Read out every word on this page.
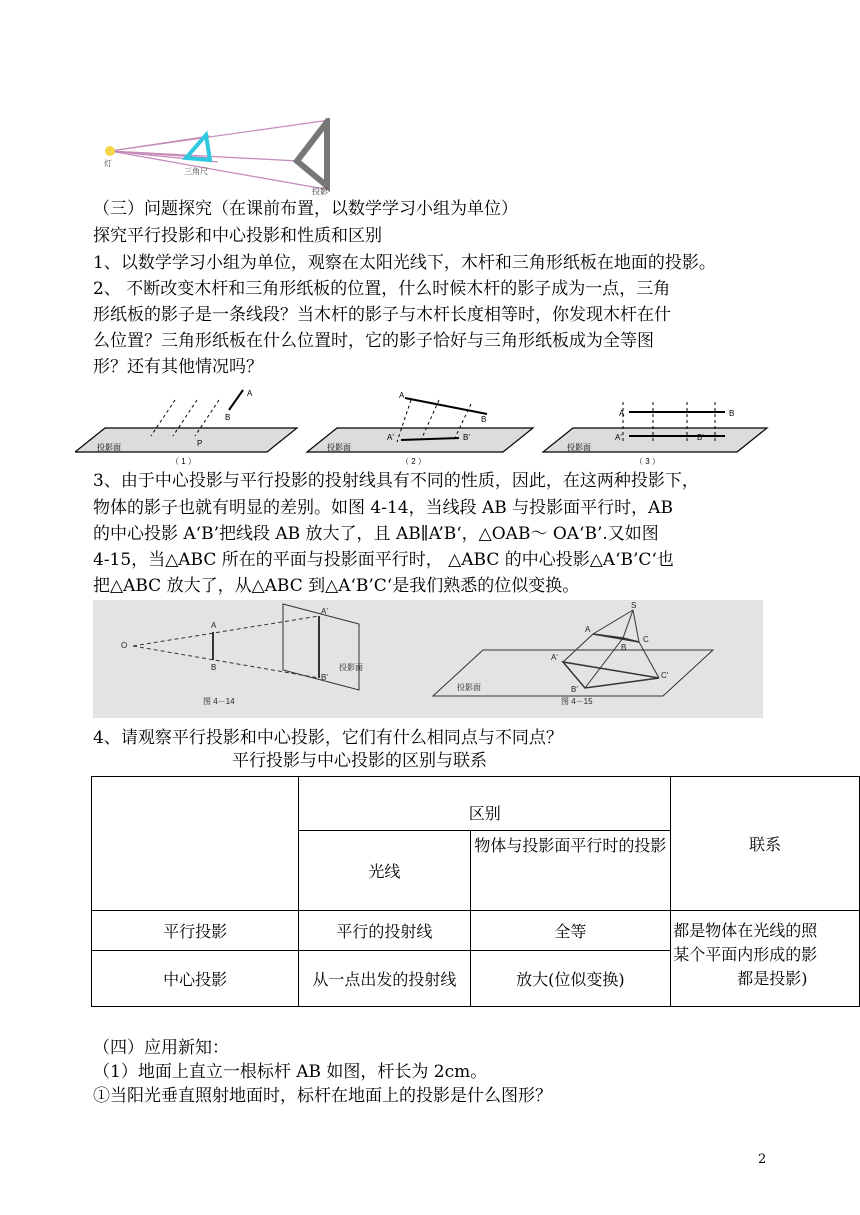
灯
三角尺
投影
（三）问题探究（在课前布置，以数学学习小组为单位）
探究平行投影和中心投影和性质和区别
1、以数学学习小组为单位，观察在太阳光线下，木杆和三角形纸板在地面的投影。
2、 不断改变木杆和三角形纸板的位置，什么时候木杆的影子成为一点，三角
形纸板的影子是一条线段？当木杆的影子与木杆长度相等时，你发现木杆在什
么位置？三角形纸板在什么位置时，它的影子恰好与三角形纸板成为全等图
形？还有其他情况吗？
A
B
P
A
B
A'	B'
A	B
A'	B'
投影面	投影面	投影面
（ 1 ）	（ 2 ）	（ 3 ）
3、由于中心投影与平行投影的投射线具有不同的性质，因此，在这两种投影下，
物体的影子也就有明显的差别。如图 4-14，当线段 AB 与投影面平行时，AB
的中心投影 A‘B’把线段 AB 放大了，且 AB∥A’B‘，△OAB～ OA‘B’.又如图
4-15，当△ABC 所在的平面与投影面平行时， △ABC 的中心投影△A‘B’C‘也
把△ABC 放大了，从△ABC 到△A‘B’C‘是我们熟悉的位似变换。
O
A
B
A'
B'
投影面
图 4－14
S
A
B
C
A'
B'
C'
投影面
图 4－15
4、请观察平行投影和中心投影，它们有什么相同点与不同点？
平行投影与中心投影的区别与联系
	区别		联系
	光线	物体与投影面平行时的投影	
平行投影	平行的投射线	全等	都是物体在光线的照
某个平面内形成的影
都是投影)

中心投影	从一点出发的投射线	放大(位似变换)	
（四）应用新知：
（1）地面上直立一根标杆 AB 如图，杆长为 2cm。
①当阳光垂直照射地面时，标杆在地面上的投影是什么图形？
2
